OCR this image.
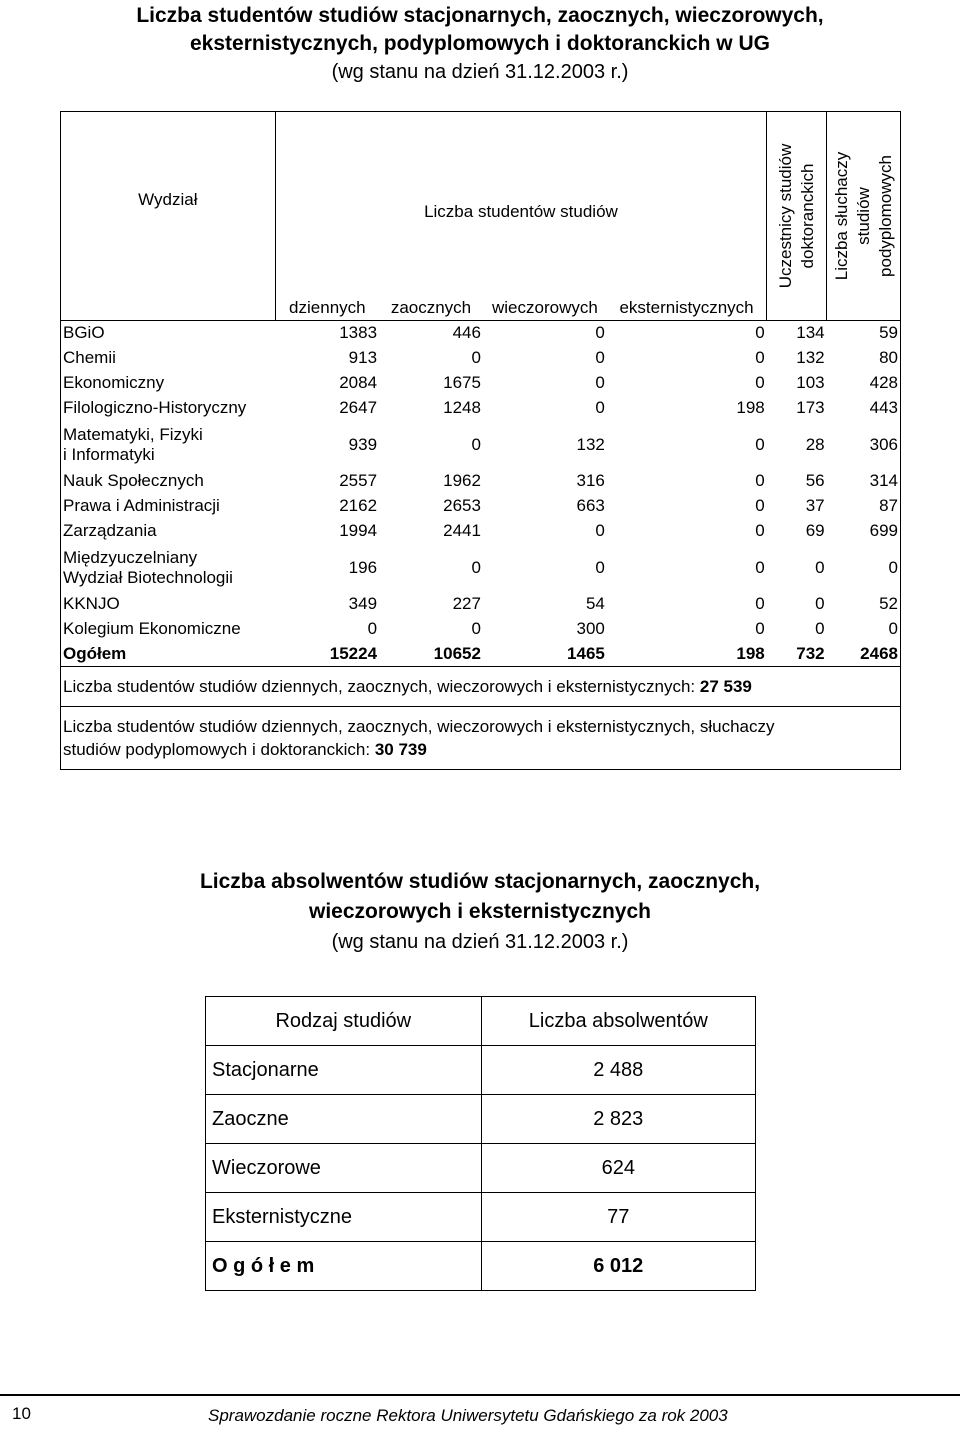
Liczba studentów studiów stacjonarnych, zaocznych, wieczorowych,
eksternistycznych, podyplomowych i doktoranckich w UG
(wg stanu na dzień 31.12.2003 r.)
Wydział	Liczba studentów studiów				Uczestnicy studiów doktoranckich	Liczba słuchaczy studiów podyplomowych

	dziennych	zaocznych	wieczorowych	eksternistycznych		
BGiO	1383	446	0	0	134	59
Chemii	913	0	0	0	132	80
Ekonomiczny	2084	1675	0	0	103	428
Filologiczno-Historyczny	2647	1248	0	198	173	443
Matematyki, Fizyki
i Informatyki	939	0	132	0	28	306
Nauk Społecznych	2557	1962	316	0	56	314
Prawa i Administracji	2162	2653	663	0	37	87
Zarządzania	1994	2441	0	0	69	699
Międzyuczelniany
Wydział Biotechnologii	196	0	0	0	0	0
KKNJO	349	227	54	0	0	52
Kolegium Ekonomiczne	0	0	300	0	0	0
Ogółem	15224	10652	1465	198	732	2468
Liczba studentów studiów dziennych, zaocznych, wieczorowych i eksternistycznych: 27 539						
Liczba studentów studiów dziennych, zaocznych, wieczorowych i eksternistycznych, słuchaczy
studiów podyplomowych i doktoranckich: 30 739						
Liczba absolwentów studiów stacjonarnych, zaocznych,
wieczorowych i eksternistycznych
(wg stanu na dzień 31.12.2003 r.)
Rodzaj studiów	Liczba absolwentów
Stacjonarne	2 488
Zaoczne	2 823
Wieczorowe	624
Eksternistyczne	77
O g ó ł e m	6 012
10	Sprawozdanie roczne Rektora Uniwersytetu Gdańskiego za rok 2003
